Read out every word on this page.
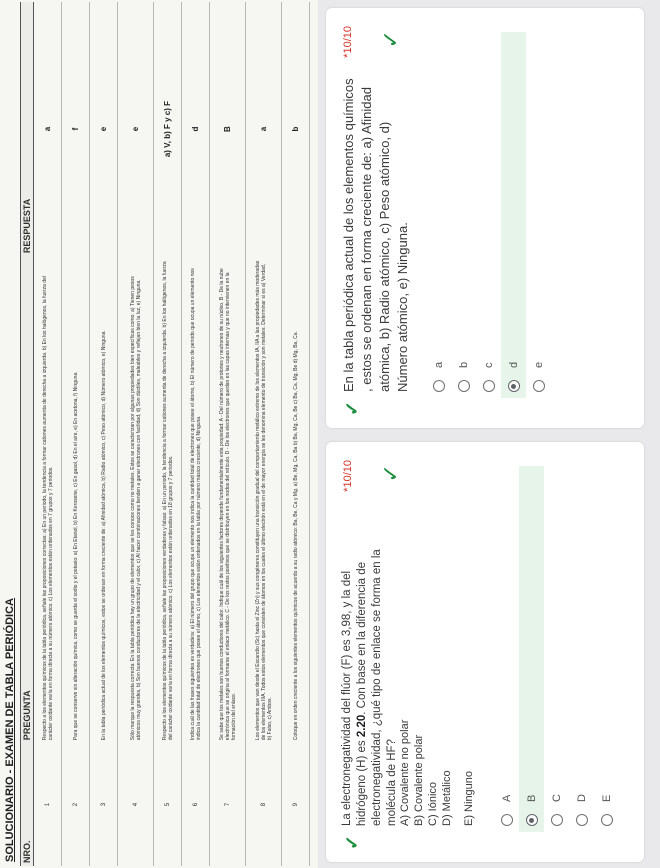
SOLUCIONARIO - EXAMEN DE TABLA PERIÓDICA NRO.	PREGUNTA	RESPUESTA
1	Respecto a los elementos químicos de la tabla periódica, señale las proposiciones correctas: a) En un periodo, la tendencia a formar cationes aumenta de derecha a izquierda. b) En los halógenos, la fuerza del carácter oxidante varía en forma directa a su número atómico. c) Los elementos están ordenados en 7 grupos y 7 periodos.	a
2	Para que se conserve sin alteración química, como se guarda el sodio y el potasio: a) En Etanol, b) En Kerosene, c) En gasol, d) En el aire, e) En acetona, f) Ninguna.	f
3	En la tabla periódica actual de los elementos químicos, estos se ordenan en forma creciente de: a) Afinidad atómica, b) Radio atómico, c) Peso atómico, d) Número atómico, e) Ninguna.	e
4	Sólo marque la respuesta correcta: En la tabla periódica hay un grupo de elementos que se les conoce como no metales. Estos se caracterizan por algunas propiedades bien específicas como: a) Tienen pesos atómicos muy grandes, b) Son buenos conductores de la electricidad y el calor, c) Al hacer combinaciones tienden a ganar electrones con facilidad, d) Son dúctiles, maleables y reflejan bien la luz, e) Ninguna.	e
5	Respecto a los elementos químicos de la tabla periódica, señale las proposiciones verdaderas y falsas: a) En un periodo, la tendencia a formar cationes aumenta de derecha a izquierda. b) En los halógenos, la fuerza del carácter oxidante varía en forma directa a su número atómico. c) Los elementos están ordenados en 18 grupos y 7 periodos.	a) V, b) F y c) F
6	Indica cuál de las frases siguientes es verdadera: a) El número del grupo que ocupa un elemento nos indica la cantidad total de electrones que posee el átomo, b) El número de periodo que ocupa un elemento nos indica la cantidad total de electrones que posee el átomo, c) Los elementos están ordenados en la tabla por número másico creciente, d) Ninguna.	d
7	Se sabe que los metales son buenos conductores del calor. Indique cuál de los siguientes factores depende fundamentalmente esta propiedad: A - Del número de protones y neutrones de su núcleo. B - De la nube electrónica que se origina al formarse el enlace metálico. C - De los restos positivos que se distribuyen en los nodos del retículo. D - De los electrones que quedan en las capas internas y que no intervienen en la formación del enlace.	B
8	Los elementos que van desde el Escandio (Sc) hasta el Zinc (Zn) y sus congéneres constituyen una transición gradual del comportamiento metálico extremo de los elementos IA, IIA a las propiedades más moderadas de los elementos IIIA. Todos estos elementos que consisten de átomos en los cuales el último electrón está en el de mayor energía se les denomina elemento de transición y son metales. Determinar si es a) Verdad, b) Falso, c) Ambos.	a
9	Coloque en orden creciente a los siguientes elementos químicos de acuerdo a su radio atómico: Ba, Be, Ca y Mg. a) Be, Mg, Ca, Ba b) Ba, Mg, Ca, Be c) Ba, Ca, Mg, Be d) Mg, Ba, Ca.	b

✓
La electronegatividad del flúor (F) es 3,98, y la del hidrógeno (H) es 2.20. Con base en la diferencia de electronegatividad, ¿qué tipo de enlace se forma en la molécula de HF?
*10/10 ✓
A) Covalente no polar B) Covalente polar C) Iónico D) Metálico E) Ninguno A B C D E
✓
En la tabla periódica actual de los elementos químicos , estos se ordenan en forma creciente de: a) Afinidad atómica, b) Radio atómico, c) Peso atómico, d) Número atómico, e) Ninguna.
*10/10 ✓
a b c d e
